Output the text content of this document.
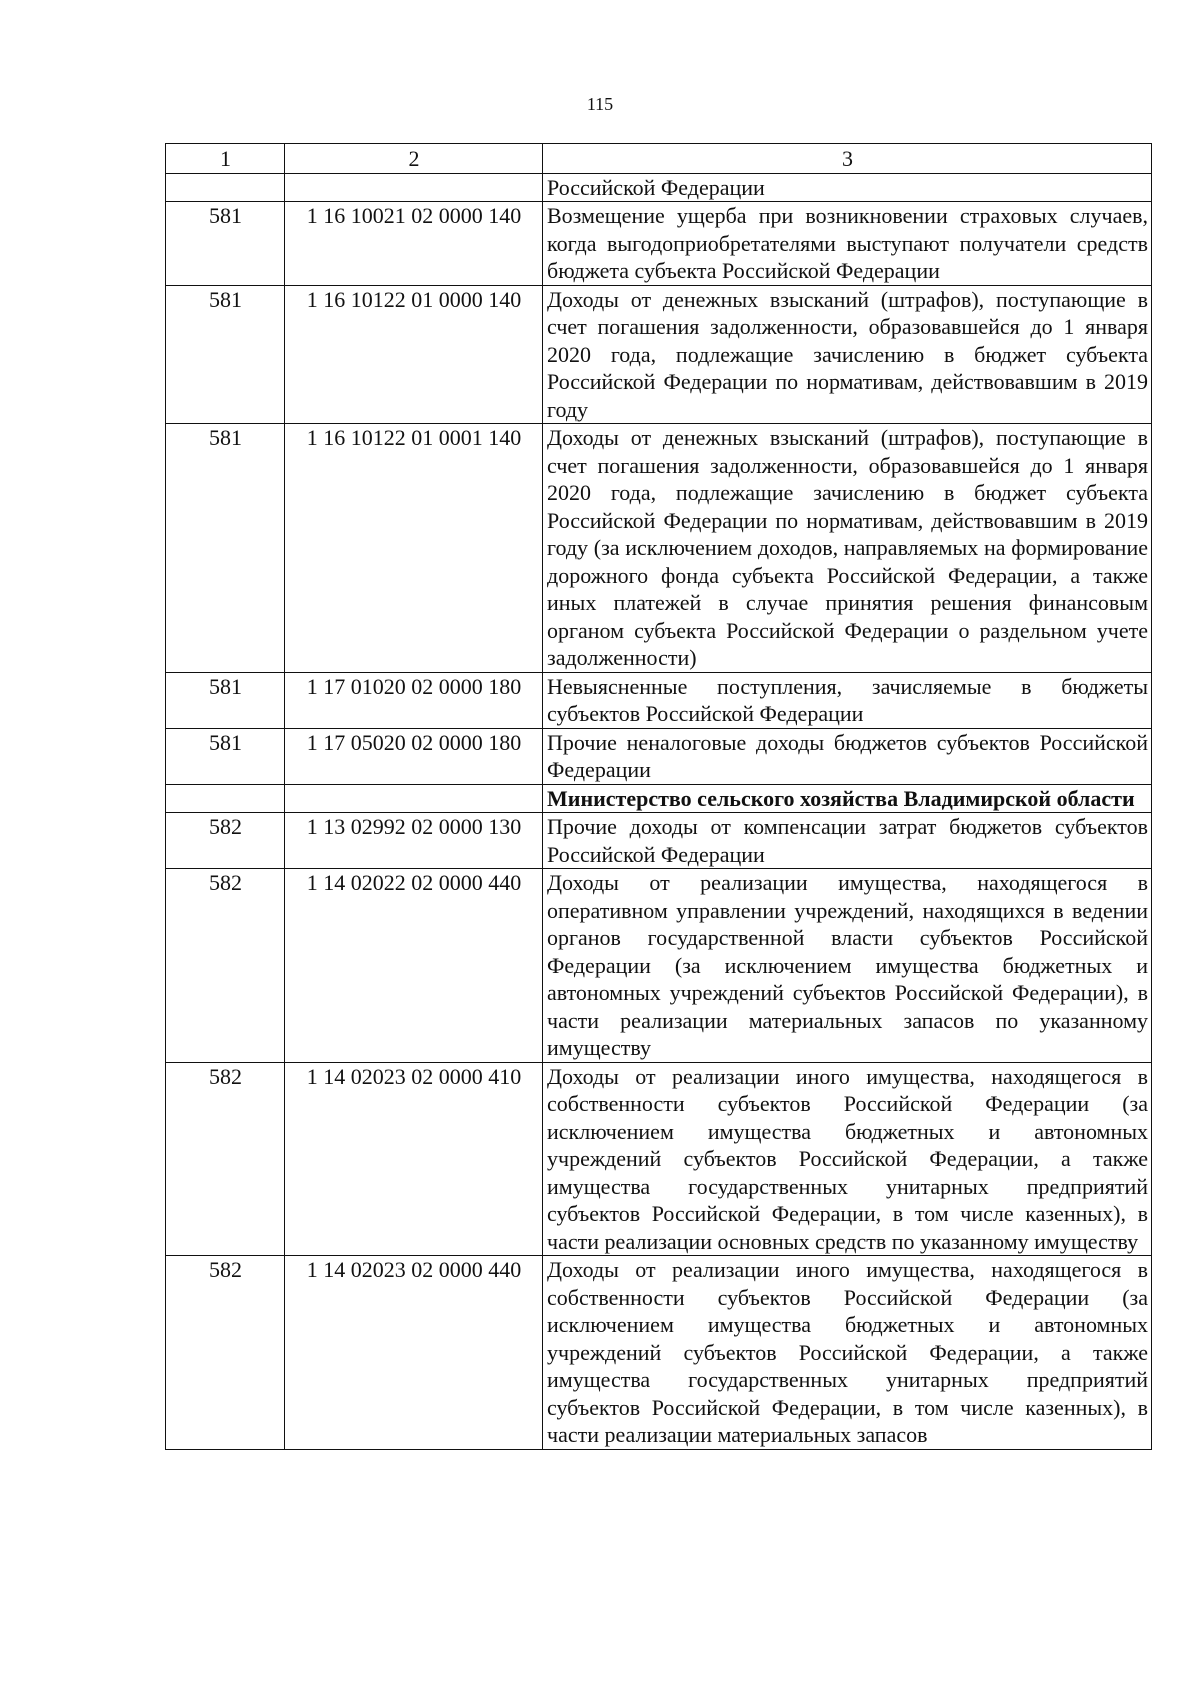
115
1	2	3
		Российской Федерации
581	1 16 10021 02 0000 140	Возмещение ущерба при возникновении страховых случаев, когда выгодоприобретателями выступают получатели средств бюджета субъекта Российской Федерации
581	1 16 10122 01 0000 140	Доходы от денежных взысканий (штрафов), поступающие в счет погашения задолженности, образовавшейся до 1 января 2020 года, подлежащие зачислению в бюджет субъекта Российской Федерации по нормативам, действовавшим в 2019 году
581	1 16 10122 01 0001 140	Доходы от денежных взысканий (штрафов), поступающие в счет погашения задолженности, образовавшейся до 1 января 2020 года, подлежащие зачислению в бюджет субъекта Российской Федерации по нормативам, действовавшим в 2019 году (за исключением доходов, направляемых на формирование дорожного фонда субъекта Российской Федерации, а также иных платежей в случае принятия решения финансовым органом субъекта Российской Федерации о раздельном учете задолженности)
581	1 17 01020 02 0000 180	Невыясненные поступления, зачисляемые в бюджеты субъектов Российской Федерации
581	1 17 05020 02 0000 180	Прочие неналоговые доходы бюджетов субъектов Российской Федерации
		Министерство сельского хозяйства Владимирской области
582	1 13 02992 02 0000 130	Прочие доходы от компенсации затрат бюджетов субъектов Российской Федерации
582	1 14 02022 02 0000 440	Доходы от реализации имущества, находящегося в оперативном управлении учреждений, находящихся в ведении органов государственной власти субъектов Российской Федерации (за исключением имущества бюджетных и автономных учреждений субъектов Российской Федерации), в части реализации материальных запасов по указанному имуществу
582	1 14 02023 02 0000 410	Доходы от реализации иного имущества, находящегося в собственности субъектов Российской Федерации (за исключением имущества бюджетных и автономных учреждений субъектов Российской Федерации, а также имущества государственных унитарных предприятий субъектов Российской Федерации, в том числе казенных), в части реализации основных средств по указанному имуществу
582	1 14 02023 02 0000 440	Доходы от реализации иного имущества, находящегося в собственности субъектов Российской Федерации (за исключением имущества бюджетных и автономных учреждений субъектов Российской Федерации, а также имущества государственных унитарных предприятий субъектов Российской Федерации, в том числе казенных), в части реализации материальных запасов
